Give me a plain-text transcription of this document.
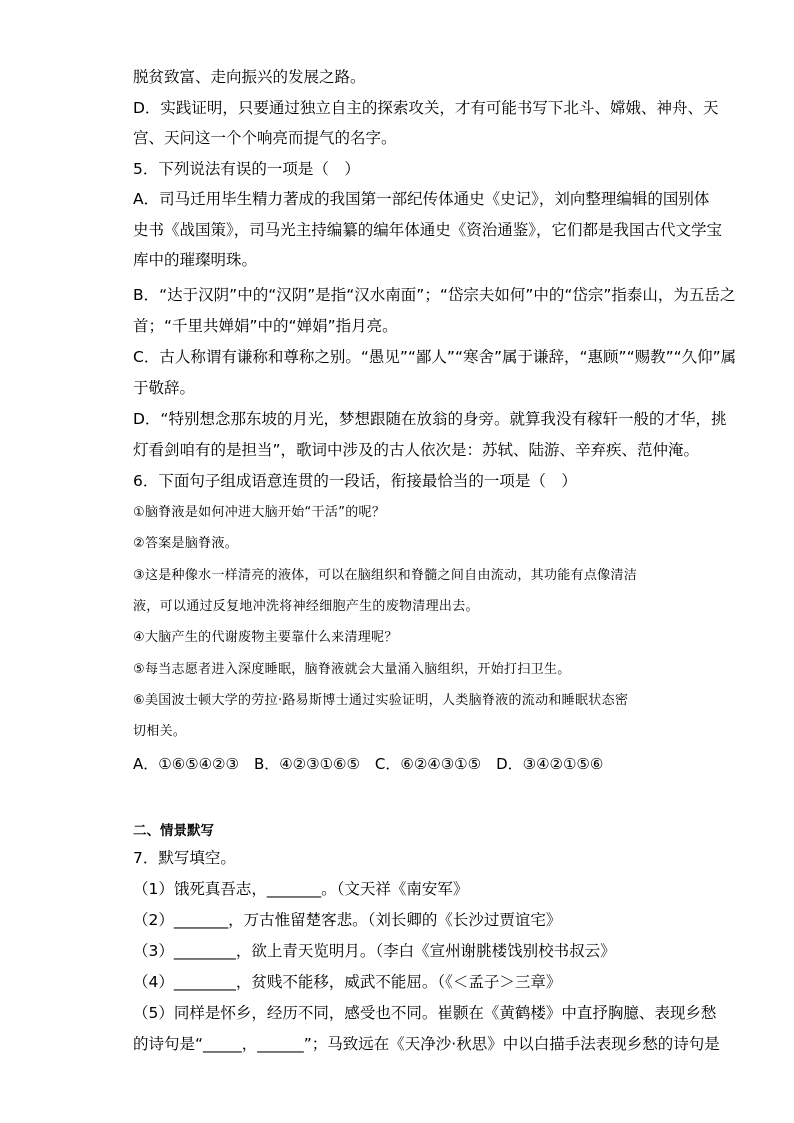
脱贫致富、走向振兴的发展之路。
D．实践证明，只要通过独立自主的探索攻关，才有可能书写下北斗、嫦娥、神舟、天
宫、天问这一个个响亮而提气的名字。
5．下列说法有误的一项是（　）
A．司马迁用毕生精力著成的我国第一部纪传体通史《史记》，刘向整理编辑的国别体
史书《战国策》，司马光主持编纂的编年体通史《资治通鉴》，它们都是我国古代文学宝
库中的璀璨明珠。
B．“达于汉阴”中的“汉阴”是指“汉水南面”；“岱宗夫如何”中的“岱宗”指泰山，为五岳之
首；“千里共婵娟”中的“婵娟”指月亮。
C．古人称谓有谦称和尊称之别。“愚见”“鄙人”“寒舍”属于谦辞，“惠顾”“赐教”“久仰”属
于敬辞。
D．“特别想念那东坡的月光，梦想跟随在放翁的身旁。就算我没有稼轩一般的才华，挑
灯看剑咱有的是担当”，歌词中涉及的古人依次是：苏轼、陆游、辛弃疾、范仲淹。
6．下面句子组成语意连贯的一段话，衔接最恰当的一项是（　）
①脑脊液是如何冲进大脑开始“干活”的呢？
②答案是脑脊液。
③这是种像水一样清亮的液体，可以在脑组织和脊髓之间自由流动，其功能有点像清洁
液，可以通过反复地冲洗将神经细胞产生的废物清理出去。
④大脑产生的代谢废物主要靠什么来清理呢？
⑤每当志愿者进入深度睡眠，脑脊液就会大量涌入脑组织，开始打扫卫生。
⑥美国波士顿大学的劳拉·路易斯博士通过实验证明，人类脑脊液的流动和睡眠状态密
切相关。
A．①⑥⑤④②③　B．④②③①⑥⑤　C．⑥②④③①⑤　D．③④②①⑤⑥
二、情景默写
7．默写填空。
（1）饿死真吾志，_______。（文天祥《南安军》
（2）_______，万古惟留楚客悲。（刘长卿的《长沙过贾谊宅》
（3）________，欲上青天览明月。（李白《宣州谢朓楼饯别校书叔云》
（4）________，贫贱不能移，威武不能屈。（《＜孟子＞三章》
（5）同样是怀乡，经历不同，感受也不同。崔颢在《黄鹤楼》中直抒胸臆、表现乡愁
的诗句是“_____，______”；马致远在《天净沙·秋思》中以白描手法表现乡愁的诗句是
